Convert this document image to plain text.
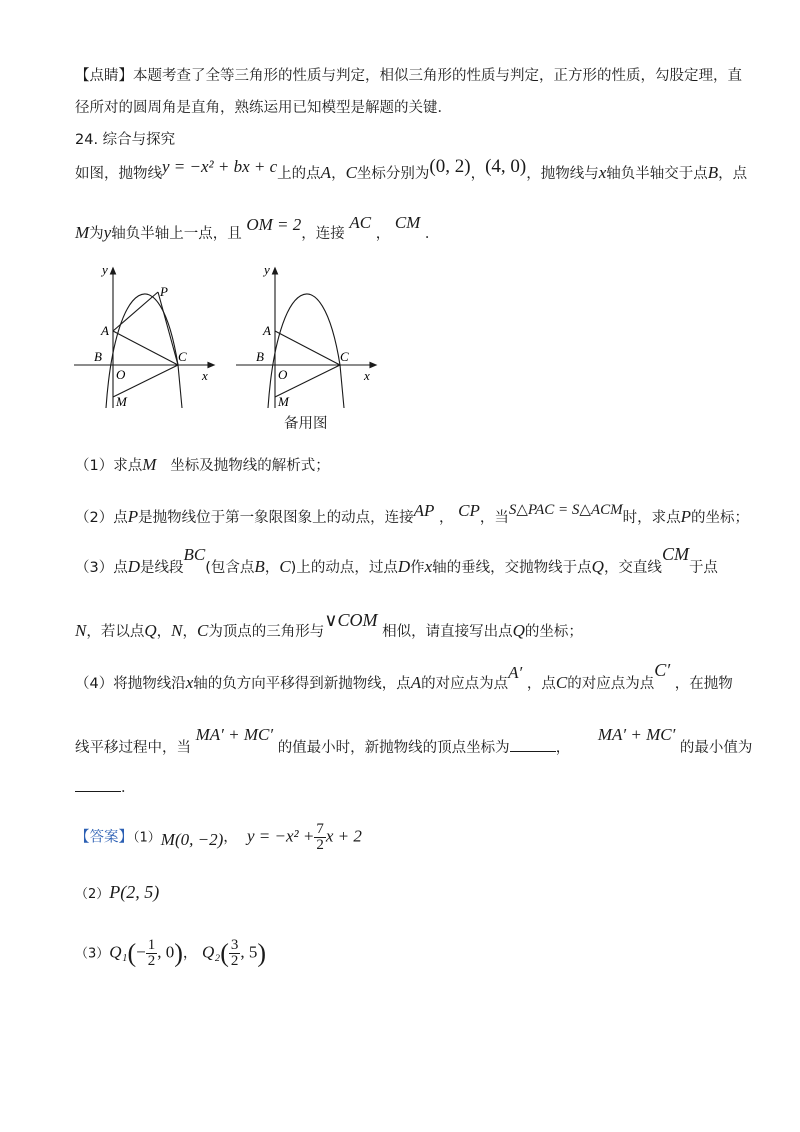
【点睛】本题考查了全等三角形的性质与判定，相似三角形的性质与判定，正方形的性质，勾股定理，直
径所对的圆周角是直角，熟练运用已知模型是解题的关键．
24. 综合与探究
如图，抛物线y = −x² + bx + c上的点A，C坐标分别为(0, 2)，(4, 0)，抛物线与x轴负半轴交于点B，点
M为y轴负半轴上一点，且 OM = 2，连接 AC ， CM ．
y
x
A
B	C
O
M
P
y
x
A
B	C
O
M
备用图
（1）求点M 坐标及抛物线的解析式；
（2）点P是抛物线位于第一象限图象上的动点，连接AP ， CP，当S△PAC = S△ACM时，求点P的坐标；
（3）点D是线段BC(包含点B，C)上的动点，过点D作x轴的垂线，交抛物线于点Q，交直线CM于点
N，若以点Q，N，C为顶点的三角形与∨COM 相似，请直接写出点Q的坐标；
（4）将抛物线沿x轴的负方向平移得到新抛物线，点A的对应点为点A′ ，点C的对应点为点C′ ，在抛物
线平移过程中，当 MA′ + MC′ 的值最小时，新抛物线的顶点坐标为	，      MA′ + MC′ 的最小值为
．
【答案】（1）M(0, −2)， $y = -x^2 + \frac{7}{2}$ x + 2
（2）P(2, 5)
$(3)Q_1(- \frac{1}{2}$ , 0)， $Q_2( \frac{3}{2}$ , 5)
